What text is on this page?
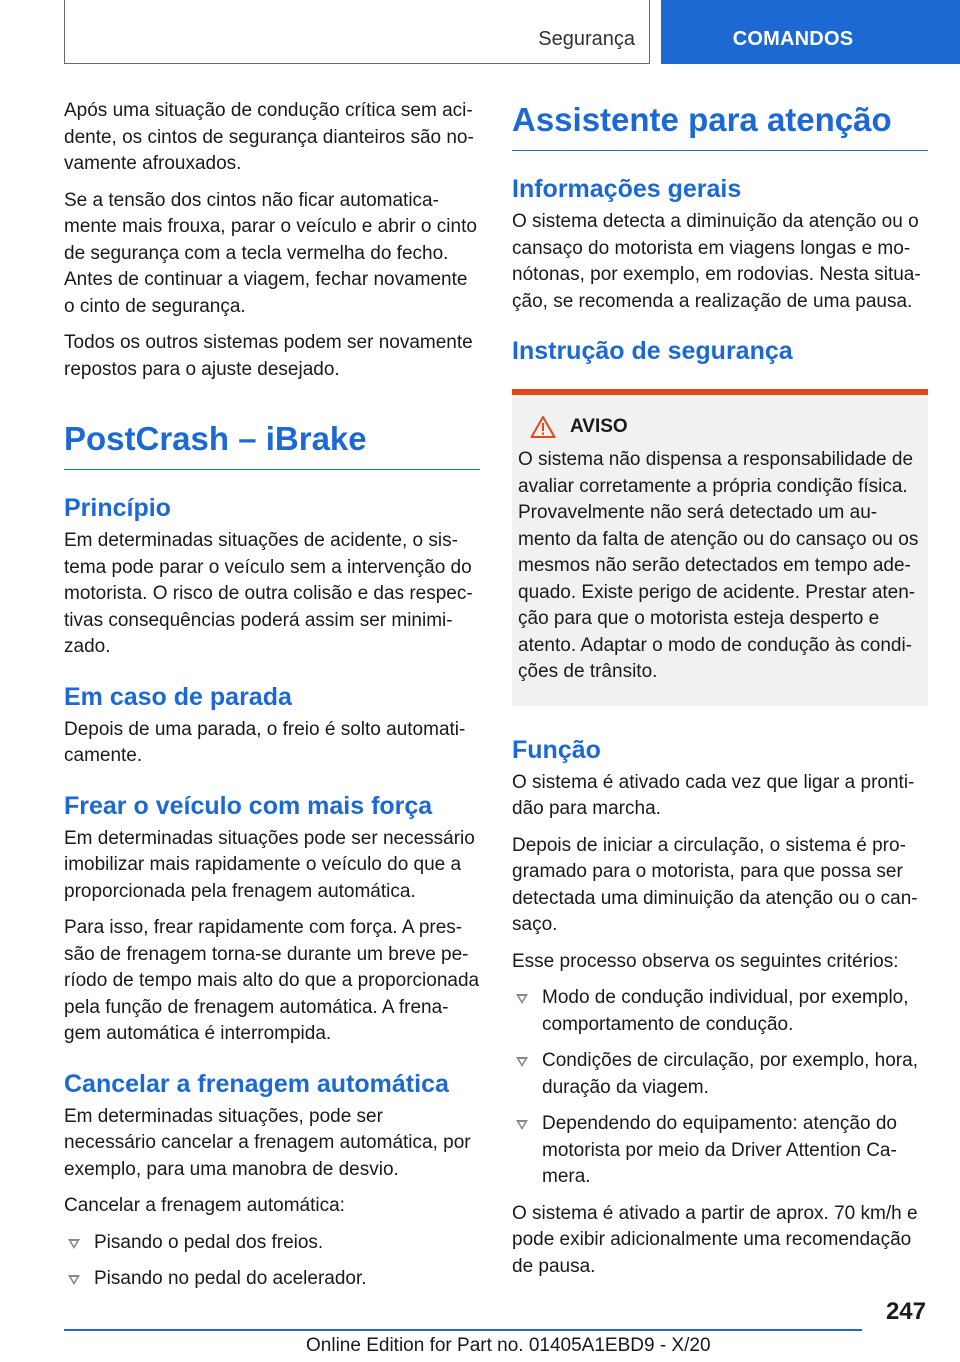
Segurança	COMANDOS

Após uma situação de condução crítica sem aci-dente, os cintos de segurança dianteiros são no-vamente afrouxados.

Se a tensão dos cintos não ficar automatica-mente mais frouxa, parar o veículo e abrir o cinto de segurança com a tecla vermelha do fecho. Antes de continuar a viagem, fechar novamente o cinto de segurança.

Todos os outros sistemas podem ser novamente repostos para o ajuste desejado.

PostCrash – iBrake
Princípio

Em determinadas situações de acidente, o sis-tema pode parar o veículo sem a intervenção do motorista. O risco de outra colisão e das respec-tivas consequências poderá assim ser minimi-zado.

Em caso de parada

Depois de uma parada, o freio é solto automati-camente.

Frear o veículo com mais força

Em determinadas situações pode ser necessário imobilizar mais rapidamente o veículo do que a proporcionada pela frenagem automática.

Para isso, frear rapidamente com força. A pres-são de frenagem torna-se durante um breve pe-ríodo de tempo mais alto do que a proporcionada pela função de frenagem automática. A frena-gem automática é interrompida.

Cancelar a frenagem automática

Em determinadas situações, pode ser necessário cancelar a frenagem automática, por exemplo, para uma manobra de desvio.

Cancelar a frenagem automática:

Pisando o pedal dos freios.
Pisando no pedal do acelerador.
Assistente para atenção
Informações gerais

O sistema detecta a diminuição da atenção ou o cansaço do motorista em viagens longas e mo-nótonas, por exemplo, em rodovias. Nesta situa-ção, se recomenda a realização de uma pausa.

Instrução de segurança
AVISO

O sistema não dispensa a responsabilidade de avaliar corretamente a própria condição física. Provavelmente não será detectado um au-mento da falta de atenção ou do cansaço ou os mesmos não serão detectados em tempo ade-quado. Existe perigo de acidente. Prestar aten-ção para que o motorista esteja desperto e atento. Adaptar o modo de condução às condi-ções de trânsito.

Função

O sistema é ativado cada vez que ligar a pronti-dão para marcha.

Depois de iniciar a circulação, o sistema é pro-gramado para o motorista, para que possa ser detectada uma diminuição da atenção ou o can-saço.

Esse processo observa os seguintes critérios:

Modo de condução individual, por exemplo, comportamento de condução.
Condições de circulação, por exemplo, hora, duração da viagem.
Dependendo do equipamento: atenção do motorista por meio da Driver Attention Ca-mera.

O sistema é ativado a partir de aprox. 70 km/h e pode exibir adicionalmente uma recomendação de pausa.

247
Online Edition for Part no. 01405A1EBD9 - X/20
